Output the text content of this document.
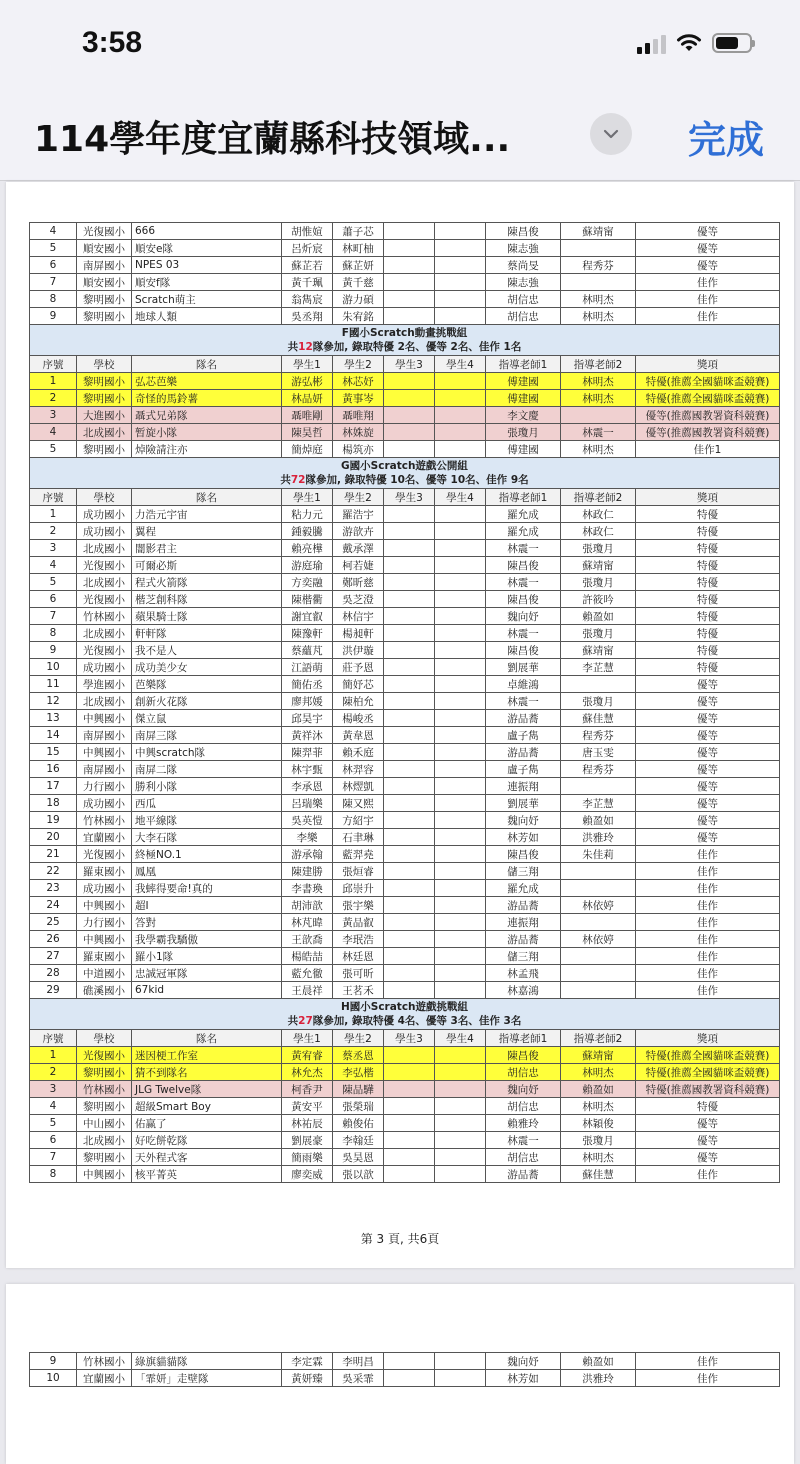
3:58
114學年度宜蘭縣科技領域...	完成
4	光復國小	666	胡惟媗	蕭子芯			陳昌俊	蘇靖甯	優等
5	順安國小	順安e隊	呂炘宸	林町柚			陳志強		優等
6	南屏國小	NPES 03	蘇芷若	蘇芷妍			蔡尚旻	程秀芬	優等
7	順安國小	順安f隊	黃千珮	黃千慈			陳志強		佳作
8	黎明國小	Scratch萌主	翁雋宸	游力碩			胡信忠	林明杰	佳作
9	黎明國小	地球人類	吳丞翔	朱宥銘			胡信忠	林明杰	佳作

F國小Scratch動畫挑戰組
共12隊參加, 錄取特優 2名、優等 2名、佳作 1名									

序號	學校	隊名	學生1	學生2	學生3	學生4	指導老師1	指導老師2	獎項
1	黎明國小	弘芯芭樂	游弘彬	林芯妤			傅建國	林明杰	特優(推薦全國貓咪盃競賽)
2	黎明國小	奇怪的馬鈴薯	林品妍	黃事岑			傅建國	林明杰	特優(推薦全國貓咪盃競賽)
3	大進國小	聶式兄弟隊	聶唯剛	聶唯翔			李文慶		優等(推薦國教署資科競賽)
4	北成國小	暂旋小隊	陳昊哲	林姝旋			張瓊月	林震一	優等(推薦國教署資科競賽)
5	黎明國小	焯險請注亦	簡焯庭	楊筑亦			傅建國	林明杰	佳作1

G國小Scratch遊戲公開組
共72隊參加, 錄取特優 10名、優等 10名、佳作 9名									

序號	學校	隊名	學生1	學生2	學生3	學生4	指導老師1	指導老師2	獎項
1	成功國小	力浩元宇宙	粘力元	羅浩宇			羅允成	林政仁	特優
2	成功國小	翼程	鍾毅騰	游歆卉			羅允成	林政仁	特優
3	北成國小	闇影君主	賴亮樺	戴承澤			林震一	張瓊月	特優
4	光復國小	可爾必斯	游庭瑜	柯若婕			陳昌俊	蘇靖甯	特優
5	北成國小	程式火箭隊	方奕融	鄭昕慈			林震一	張瓊月	特優
6	光復國小	楷芝創科隊	陳楷衢	吳芝澄			陳昌俊	許筱吟	特優
7	竹林國小	蘋果騎士隊	謝宜叡	林信宇			魏向妤	賴盈如	特優
8	北成國小	軒軒隊	陳豫軒	楊昶軒			林震一	張瓊月	特優
9	光復國小	我不是人	蔡蘊芃	洪伊璇			陳昌俊	蘇靖甯	特優
10	成功國小	成功美少女	江語萌	莊予恩			劉展華	李芷慧	特優
11	學進國小	芭樂隊	簡佑丞	簡妤芯			卓維鴻		優等
12	北成國小	創新火花隊	廖邦媛	陳柏允			林震一	張瓊月	優等
13	中興國小	傑立鼠	邱昊宇	楊峻丞			游品蕎	蘇佳慧	優等
14	南屏國小	南屏三隊	黃祥沐	黃韋恩			盧子雋	程秀芬	優等
15	中興國小	中興scratch隊	陳羿菲	賴禾庭			游品蕎	唐玉雯	優等
16	南屏國小	南屏二隊	林宇甄	林羿容			盧子雋	程秀芬	優等
17	力行國小	勝利小隊	李承恩	林熤凱			連振翔		優等
18	成功國小	西瓜	呂瑞樂	陳又熙			劉展華	李芷慧	優等
19	竹林國小	地平線隊	吳英愷	方紹宇			魏向妤	賴盈如	優等
20	宜蘭國小	大李石隊	李樂	石聿琳			林芳如	洪雅玲	優等
21	光復國小	終極NO.1	游承翰	藍羿堯			陳昌俊	朱佳莉	佳作
22	羅東國小	鳳凰	陳建勝	張烜睿			儲三翔		佳作
23	成功國小	我蟀得要命!真的	李書瑍	邱崇升			羅允成		佳作
24	中興國小	超I	胡沛歆	張宇樂			游品蕎	林依婷	佳作
25	力行國小	答對	林芃暐	黃品叡			連振翔		佳作
26	中興國小	我學霸我驕傲	王歆喬	李珉浩			游品蕎	林依婷	佳作
27	羅東國小	羅小1隊	楊皓喆	林廷恩			儲三翔		佳作
28	中道國小	忠誠冠軍隊	藍允徹	張可昕			林孟飛		佳作
29	礁溪國小	67kid	王晨祥	王茗禾			林嘉鴻		佳作

H國小Scratch遊戲挑戰組
共27隊參加, 錄取特優 4名、優等 3名、佳作 3名									

序號	學校	隊名	學生1	學生2	學生3	學生4	指導老師1	指導老師2	獎項
1	光復國小	迷因梗工作室	黃宥睿	蔡丞恩			陳昌俊	蘇靖甯	特優(推薦全國貓咪盃競賽)
2	黎明國小	猜不到隊名	林允杰	李弘楷			胡信忠	林明杰	特優(推薦全國貓咪盃競賽)
3	竹林國小	JLG Twelve隊	柯香尹	陳品驊			魏向妤	賴盈如	特優(推薦國教署資科競賽)
4	黎明國小	超級Smart Boy	黃安平	張榮瑞			胡信忠	林明杰	特優
5	中山國小	佑赢了	林祐辰	賴俊佑			賴雅玲	林穎俊	優等
6	北成國小	好吃餅乾隊	劉展豪	李翰廷			林震一	張瓊月	優等
7	黎明國小	天外程式客	簡雨樂	吳昊恩			胡信忠	林明杰	優等
8	中興國小	核平菁英	廖奕威	張以歆			游品蕎	蘇佳慧	佳作
第 3 頁, 共6頁
9	竹林國小	綠旗貓貓隊	李定霖	李明昌			魏向妤	賴盈如	佳作
10	宜蘭國小	「霏妍」走壁隊	黃妍臻	吳采霏			林芳如	洪雅玲	佳作
